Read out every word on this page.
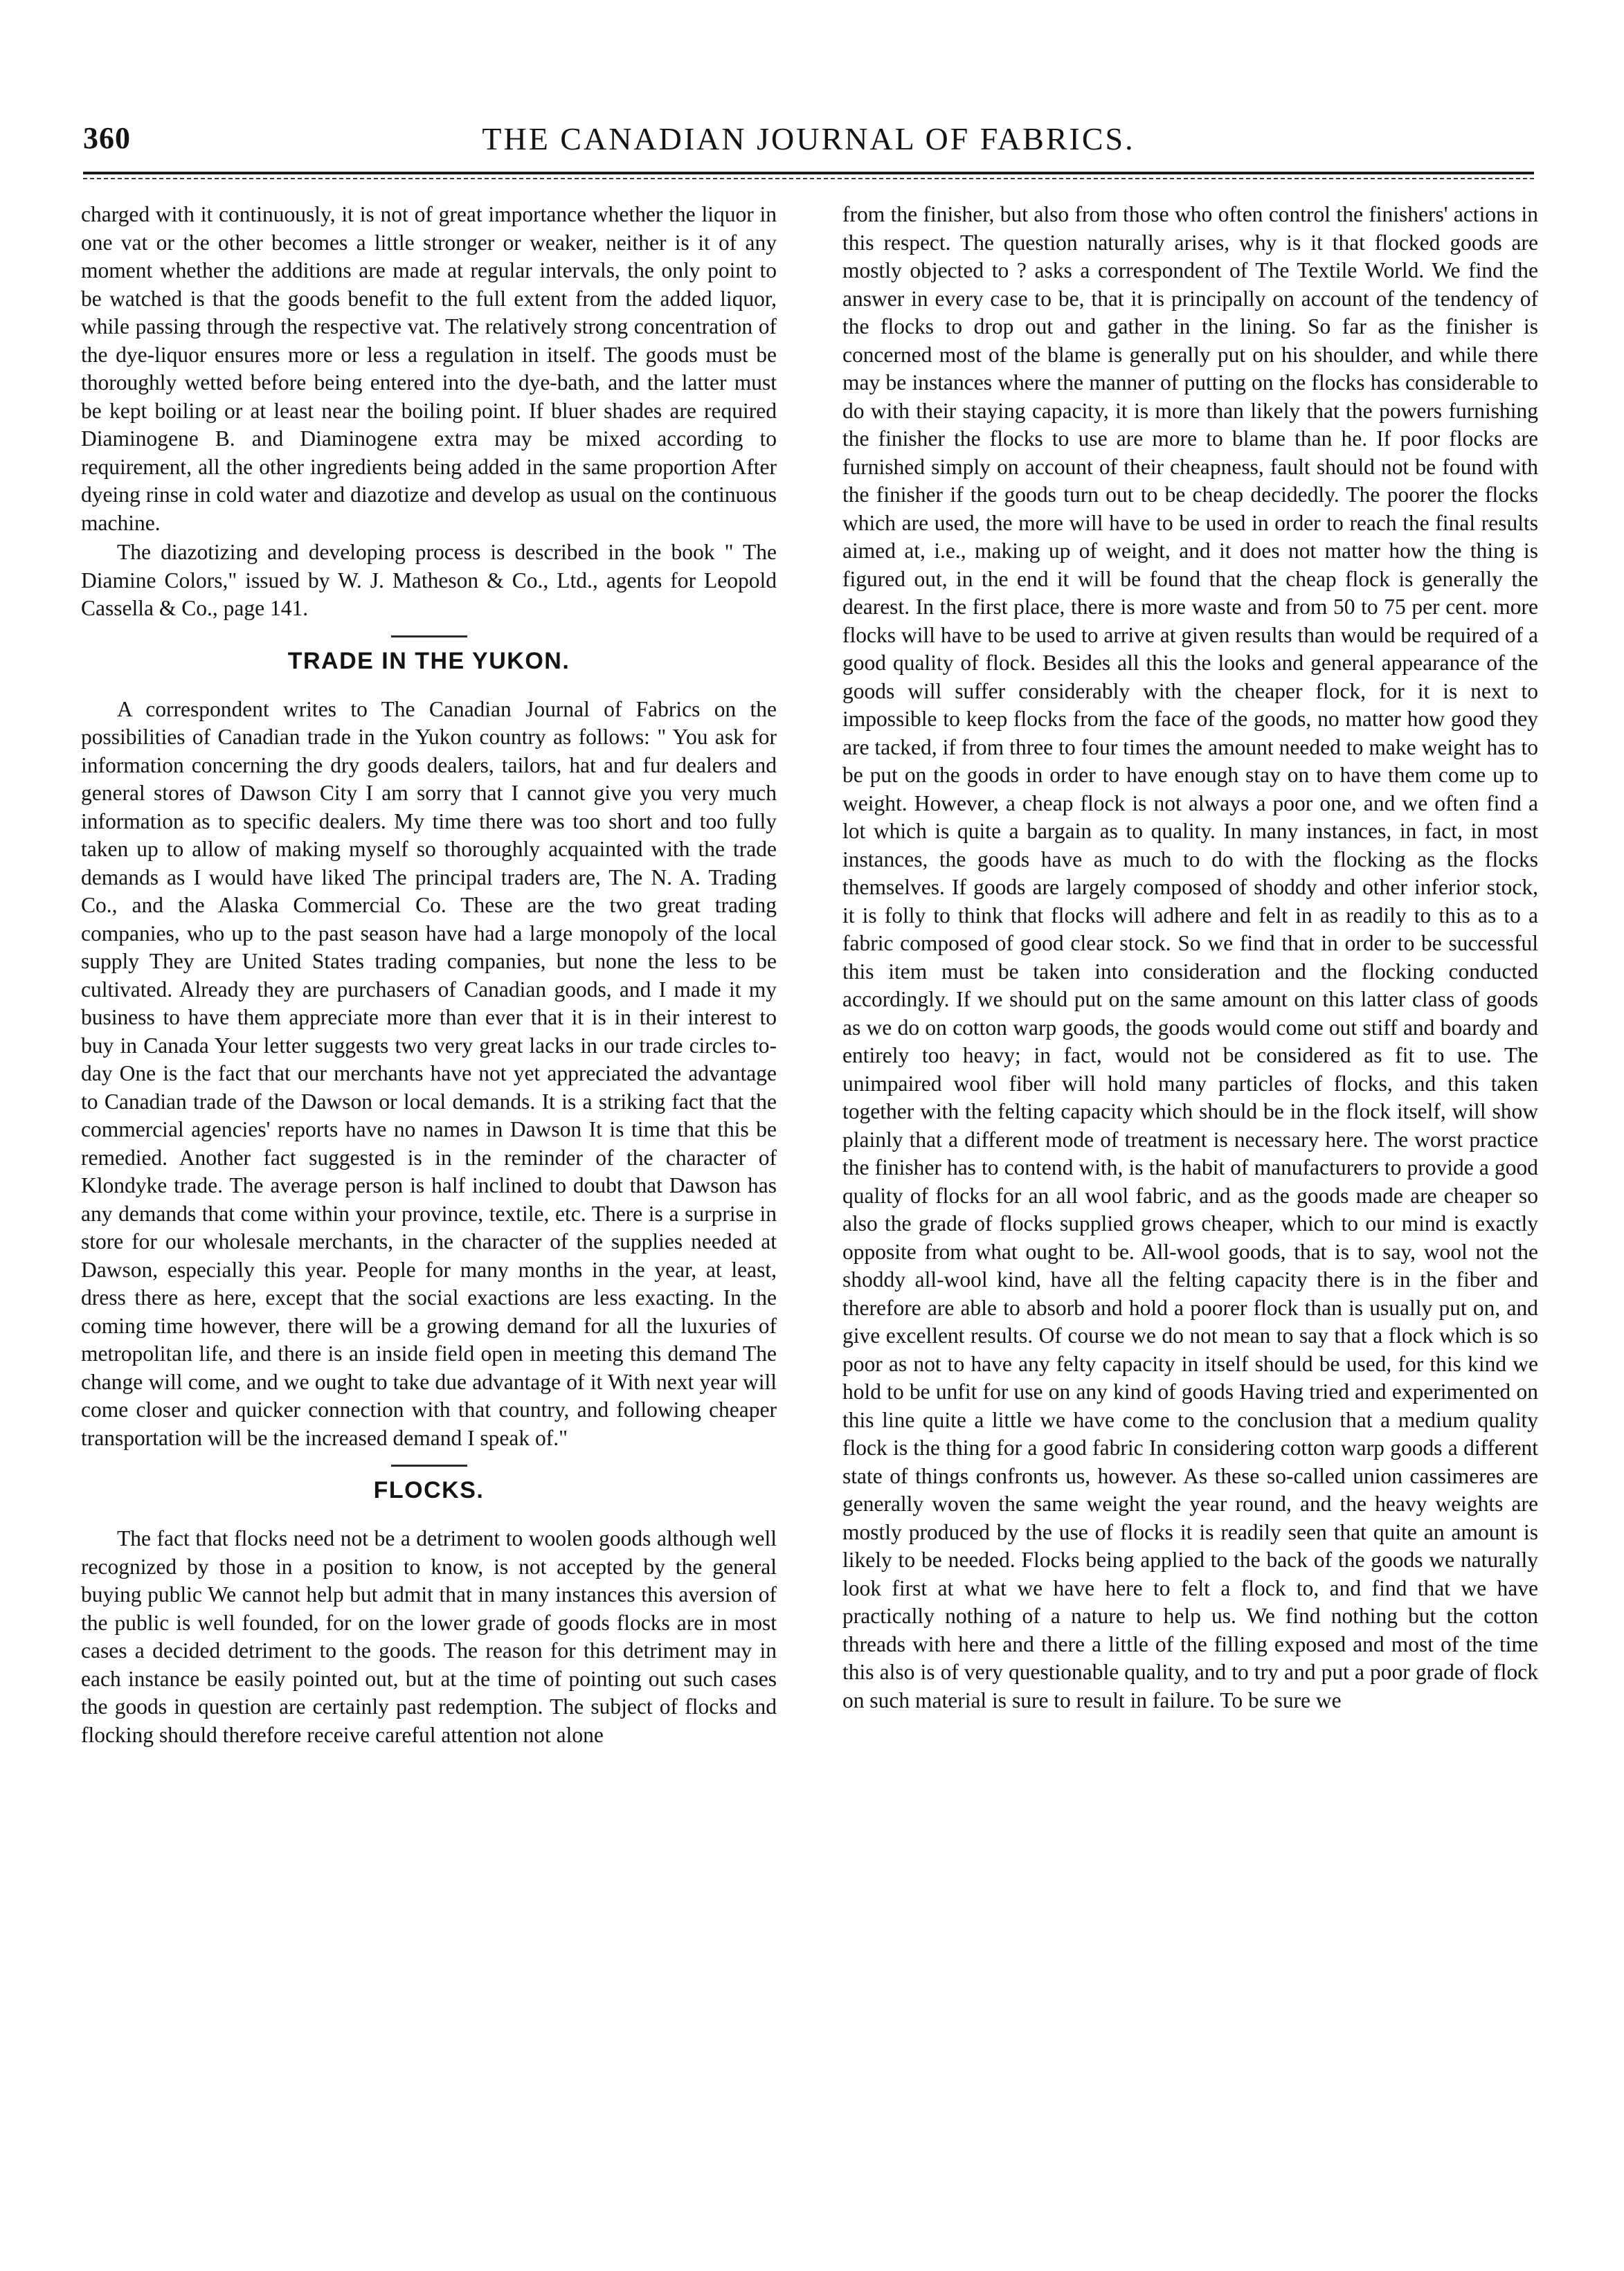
360	THE CANADIAN JOURNAL OF FABRICS.

charged with it continuously, it is not of great importance whether the liquor in one vat or the other becomes a little stronger or weaker, neither is it of any moment whether the additions are made at regular intervals, the only point to be watched is that the goods benefit to the full extent from the added liquor, while passing through the respective vat. The relatively strong concentration of the dye-liquor ensures more or less a regulation in itself. The goods must be thoroughly wetted before being entered into the dye-bath, and the latter must be kept boiling or at least near the boiling point. If bluer shades are required Diaminogene B. and Diaminogene extra may be mixed according to requirement, all the other ingredients being added in the same proportion After dyeing rinse in cold water and diazotize and develop as usual on the continuous machine.

The diazotizing and developing process is described in the book " The Diamine Colors," issued by W. J. Matheson & Co., Ltd., agents for Leopold Cassella & Co., page 141.

TRADE IN THE YUKON.

A correspondent writes to The Canadian Journal of Fabrics on the possibilities of Canadian trade in the Yukon country as follows: " You ask for information concerning the dry goods dealers, tailors, hat and fur dealers and general stores of Dawson City I am sorry that I cannot give you very much information as to specific dealers. My time there was too short and too fully taken up to allow of making myself so thoroughly acquainted with the trade demands as I would have liked The principal traders are, The N. A. Trading Co., and the Alaska Commercial Co. These are the two great trading companies, who up to the past season have had a large monopoly of the local supply They are United States trading companies, but none the less to be cultivated. Already they are purchasers of Canadian goods, and I made it my business to have them appreciate more than ever that it is in their interest to buy in Canada Your letter suggests two very great lacks in our trade circles to-day One is the fact that our merchants have not yet appreciated the advantage to Canadian trade of the Dawson or local demands. It is a striking fact that the commercial agencies' reports have no names in Dawson It is time that this be remedied. Another fact suggested is in the reminder of the character of Klondyke trade. The average person is half inclined to doubt that Dawson has any demands that come within your province, textile, etc. There is a surprise in store for our wholesale merchants, in the character of the supplies needed at Dawson, especially this year. People for many months in the year, at least, dress there as here, except that the social exactions are less exacting. In the coming time however, there will be a growing demand for all the luxuries of metropolitan life, and there is an inside field open in meeting this demand The change will come, and we ought to take due advantage of it With next year will come closer and quicker connection with that country, and following cheaper transportation will be the increased demand I speak of."

FLOCKS.

The fact that flocks need not be a detriment to woolen goods although well recognized by those in a position to know, is not accepted by the general buying public We cannot help but admit that in many instances this aversion of the public is well founded, for on the lower grade of goods flocks are in most cases a decided detriment to the goods. The reason for this detriment may in each instance be easily pointed out, but at the time of pointing out such cases the goods in question are certainly past redemption. The subject of flocks and flocking should therefore receive careful attention not alone

from the finisher, but also from those who often control the finishers' actions in this respect. The question naturally arises, why is it that flocked goods are mostly objected to ? asks a correspondent of The Textile World. We find the answer in every case to be, that it is principally on account of the tendency of the flocks to drop out and gather in the lining. So far as the finisher is concerned most of the blame is generally put on his shoulder, and while there may be instances where the manner of putting on the flocks has considerable to do with their staying capacity, it is more than likely that the powers furnishing the finisher the flocks to use are more to blame than he. If poor flocks are furnished simply on account of their cheapness, fault should not be found with the finisher if the goods turn out to be cheap decidedly. The poorer the flocks which are used, the more will have to be used in order to reach the final results aimed at, i.e., making up of weight, and it does not matter how the thing is figured out, in the end it will be found that the cheap flock is generally the dearest. In the first place, there is more waste and from 50 to 75 per cent. more flocks will have to be used to arrive at given results than would be required of a good quality of flock. Besides all this the looks and general appearance of the goods will suffer considerably with the cheaper flock, for it is next to impossible to keep flocks from the face of the goods, no matter how good they are tacked, if from three to four times the amount needed to make weight has to be put on the goods in order to have enough stay on to have them come up to weight. However, a cheap flock is not always a poor one, and we often find a lot which is quite a bargain as to quality. In many instances, in fact, in most instances, the goods have as much to do with the flocking as the flocks themselves. If goods are largely composed of shoddy and other inferior stock, it is folly to think that flocks will adhere and felt in as readily to this as to a fabric composed of good clear stock. So we find that in order to be successful this item must be taken into consideration and the flocking conducted accordingly. If we should put on the same amount on this latter class of goods as we do on cotton warp goods, the goods would come out stiff and boardy and entirely too heavy; in fact, would not be considered as fit to use. The unimpaired wool fiber will hold many particles of flocks, and this taken together with the felting capacity which should be in the flock itself, will show plainly that a different mode of treatment is necessary here. The worst practice the finisher has to contend with, is the habit of manufacturers to provide a good quality of flocks for an all wool fabric, and as the goods made are cheaper so also the grade of flocks supplied grows cheaper, which to our mind is exactly opposite from what ought to be. All-wool goods, that is to say, wool not the shoddy all-wool kind, have all the felting capacity there is in the fiber and therefore are able to absorb and hold a poorer flock than is usually put on, and give excellent results. Of course we do not mean to say that a flock which is so poor as not to have any felty capacity in itself should be used, for this kind we hold to be unfit for use on any kind of goods Having tried and experimented on this line quite a little we have come to the conclusion that a medium quality flock is the thing for a good fabric In considering cotton warp goods a different state of things confronts us, however. As these so-called union cassimeres are generally woven the same weight the year round, and the heavy weights are mostly produced by the use of flocks it is readily seen that quite an amount is likely to be needed. Flocks being applied to the back of the goods we naturally look first at what we have here to felt a flock to, and find that we have practically nothing of a nature to help us. We find nothing but the cotton threads with here and there a little of the filling exposed and most of the time this also is of very questionable quality, and to try and put a poor grade of flock on such material is sure to result in failure. To be sure we
